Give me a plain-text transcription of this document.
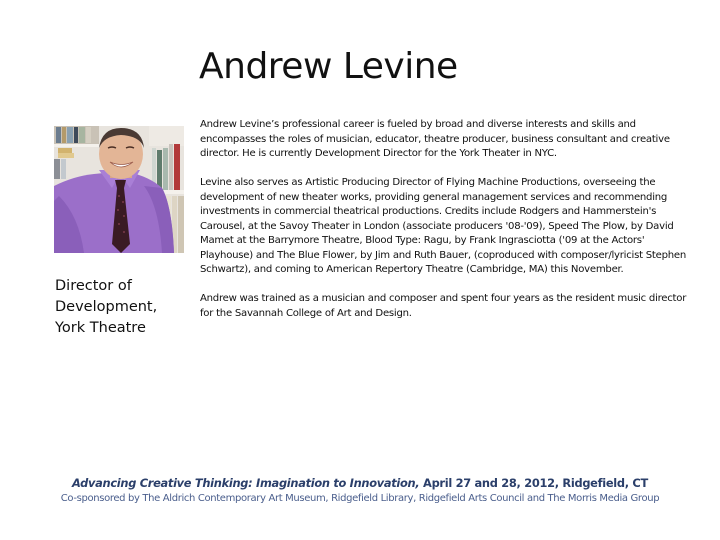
Andrew Levine
Director of
Development,
York Theatre

Andrew Levine’s professional career is fueled by broad and diverse interests and skills and encompasses the roles of musician, educator, theatre producer, business consultant and creative director. He is currently Development Director for the York Theater in NYC.

Levine also serves as Artistic Producing Director of Flying Machine Productions, overseeing the development of new theater works, providing general management services and recommending investments in commercial theatrical productions. Credits include Rodgers and Hammerstein's Carousel, at the Savoy Theater in London (associate producers '08-'09), Speed The Plow, by David Mamet at the Barrymore Theatre, Blood Type: Ragu, by Frank Ingrasciotta ('09 at the Actors' Playhouse) and The Blue Flower, by Jim and Ruth Bauer, (coproduced with composer/lyricist Stephen Schwartz), and coming to American Repertory Theatre (Cambridge, MA) this November.

Andrew was trained as a musician and composer and spent four years as the resident music director for the Savannah College of Art and Design.

Advancing Creative Thinking: Imagination to Innovation, April 27 and 28, 2012, Ridgefield, CT
Co-sponsored by The Aldrich Contemporary Art Museum, Ridgefield Library, Ridgefield Arts Council and The Morris Media Group
